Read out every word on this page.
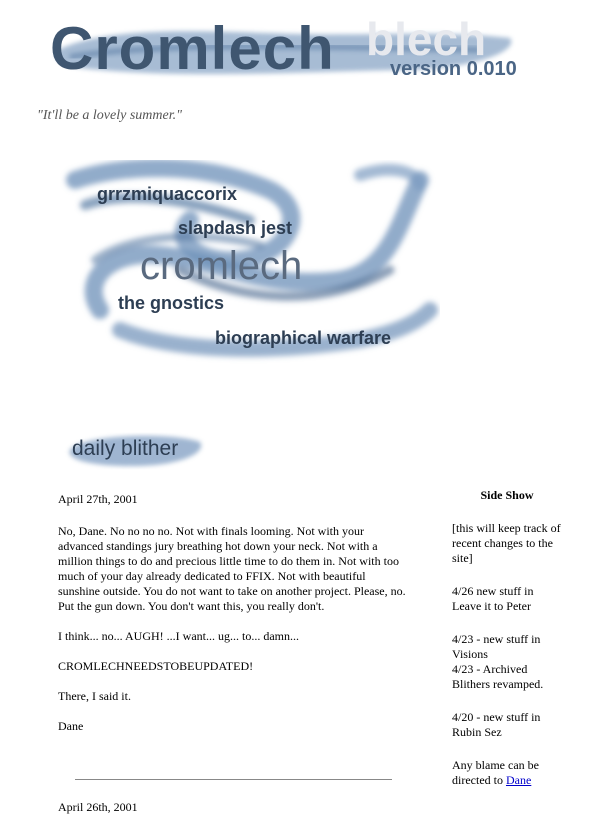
blech
Cromlech	version 0.010
"It'll be a lovely summer."
grrzmiquaccorix
slapdash jest
cromlech
the gnostics
biographical warfare
daily blither

April 27th, 2001

No, Dane. No no no no. Not with finals looming. Not with your advanced standings jury breathing hot down your neck. Not with a million things to do and precious little time to do them in. Not with too much of your day already dedicated to FFIX. Not with beautiful sunshine outside. You do not want to take on another project. Please, no. Put the gun down. You don't want this, you really don't.

I think... no... AUGH! ...I want... ug... to... damn...

CROMLECHNEEDSTOBEUPDATED!

There, I said it.

Dane

April 26th, 2001
Side Show

[this will keep track of recent changes to the site]

4/26 new stuff in Leave it to Peter

4/23 - new stuff in Visions
4/23 - Archived Blithers revamped.

4/20 - new stuff in Rubin Sez

Any blame can be directed to Dane
